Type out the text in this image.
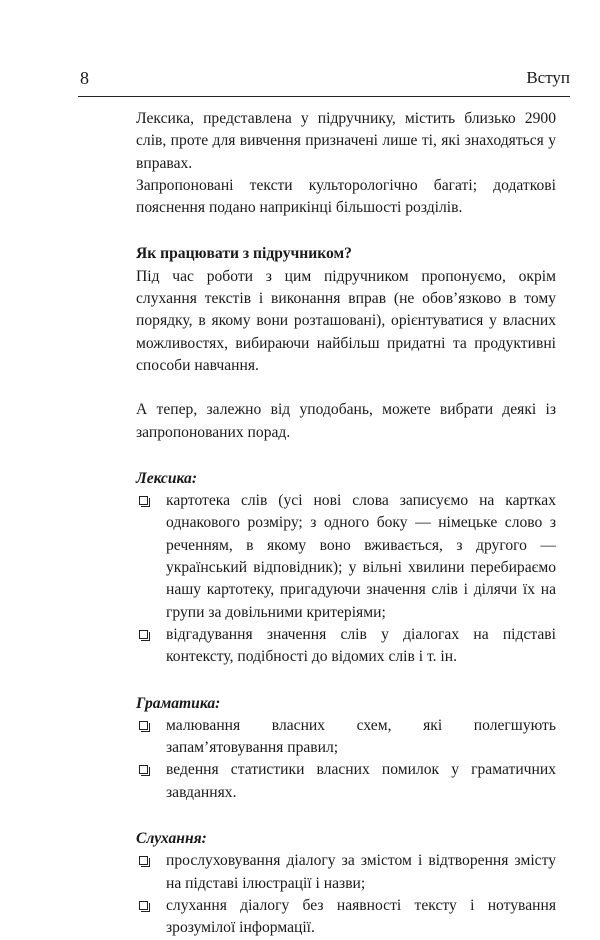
8	Вступ

Лексика, представлена у підручнику, містить близько 2900 слів, проте для вивчення призначені лише ті, які знаходяться у вправах.

Запропоновані тексти культорологічно багаті; додаткові пояснення подано наприкінці більшості розділів.

Як працювати з підручником?

Під час роботи з цим підручником пропонуємо, окрім слухання текстів і виконання вправ (не обов’язково в тому порядку, в якому вони розташовані), орієнтуватися у власних можливостях, вибираючи найбільш придатні та продуктивні способи навчання.

А тепер, залежно від уподобань, можете вибрати деякі із запропонованих порад.

Лексика:

картотека слів (усі нові слова записуємо на картках однакового розміру; з одного боку — німецьке слово з реченням, в якому воно вживається, з другого — український відповідник); у вільні хвилини перебираємо нашу картотеку, пригадуючи значення слів і ділячи їх на групи за довільними критеріями;
відгадування значення слів у діалогах на підставі контексту, подібності до відомих слів і т. ін.

Граматика:

малювання власних схем, які полегшують запам’ятовування правил;
ведення статистики власних помилок у граматичних завданнях.

Слухання:

прослуховування діалогу за змістом і відтворення змісту на підставі ілюстрації і назви;
слухання діалогу без наявності тексту і нотування зрозумілої інформації.
